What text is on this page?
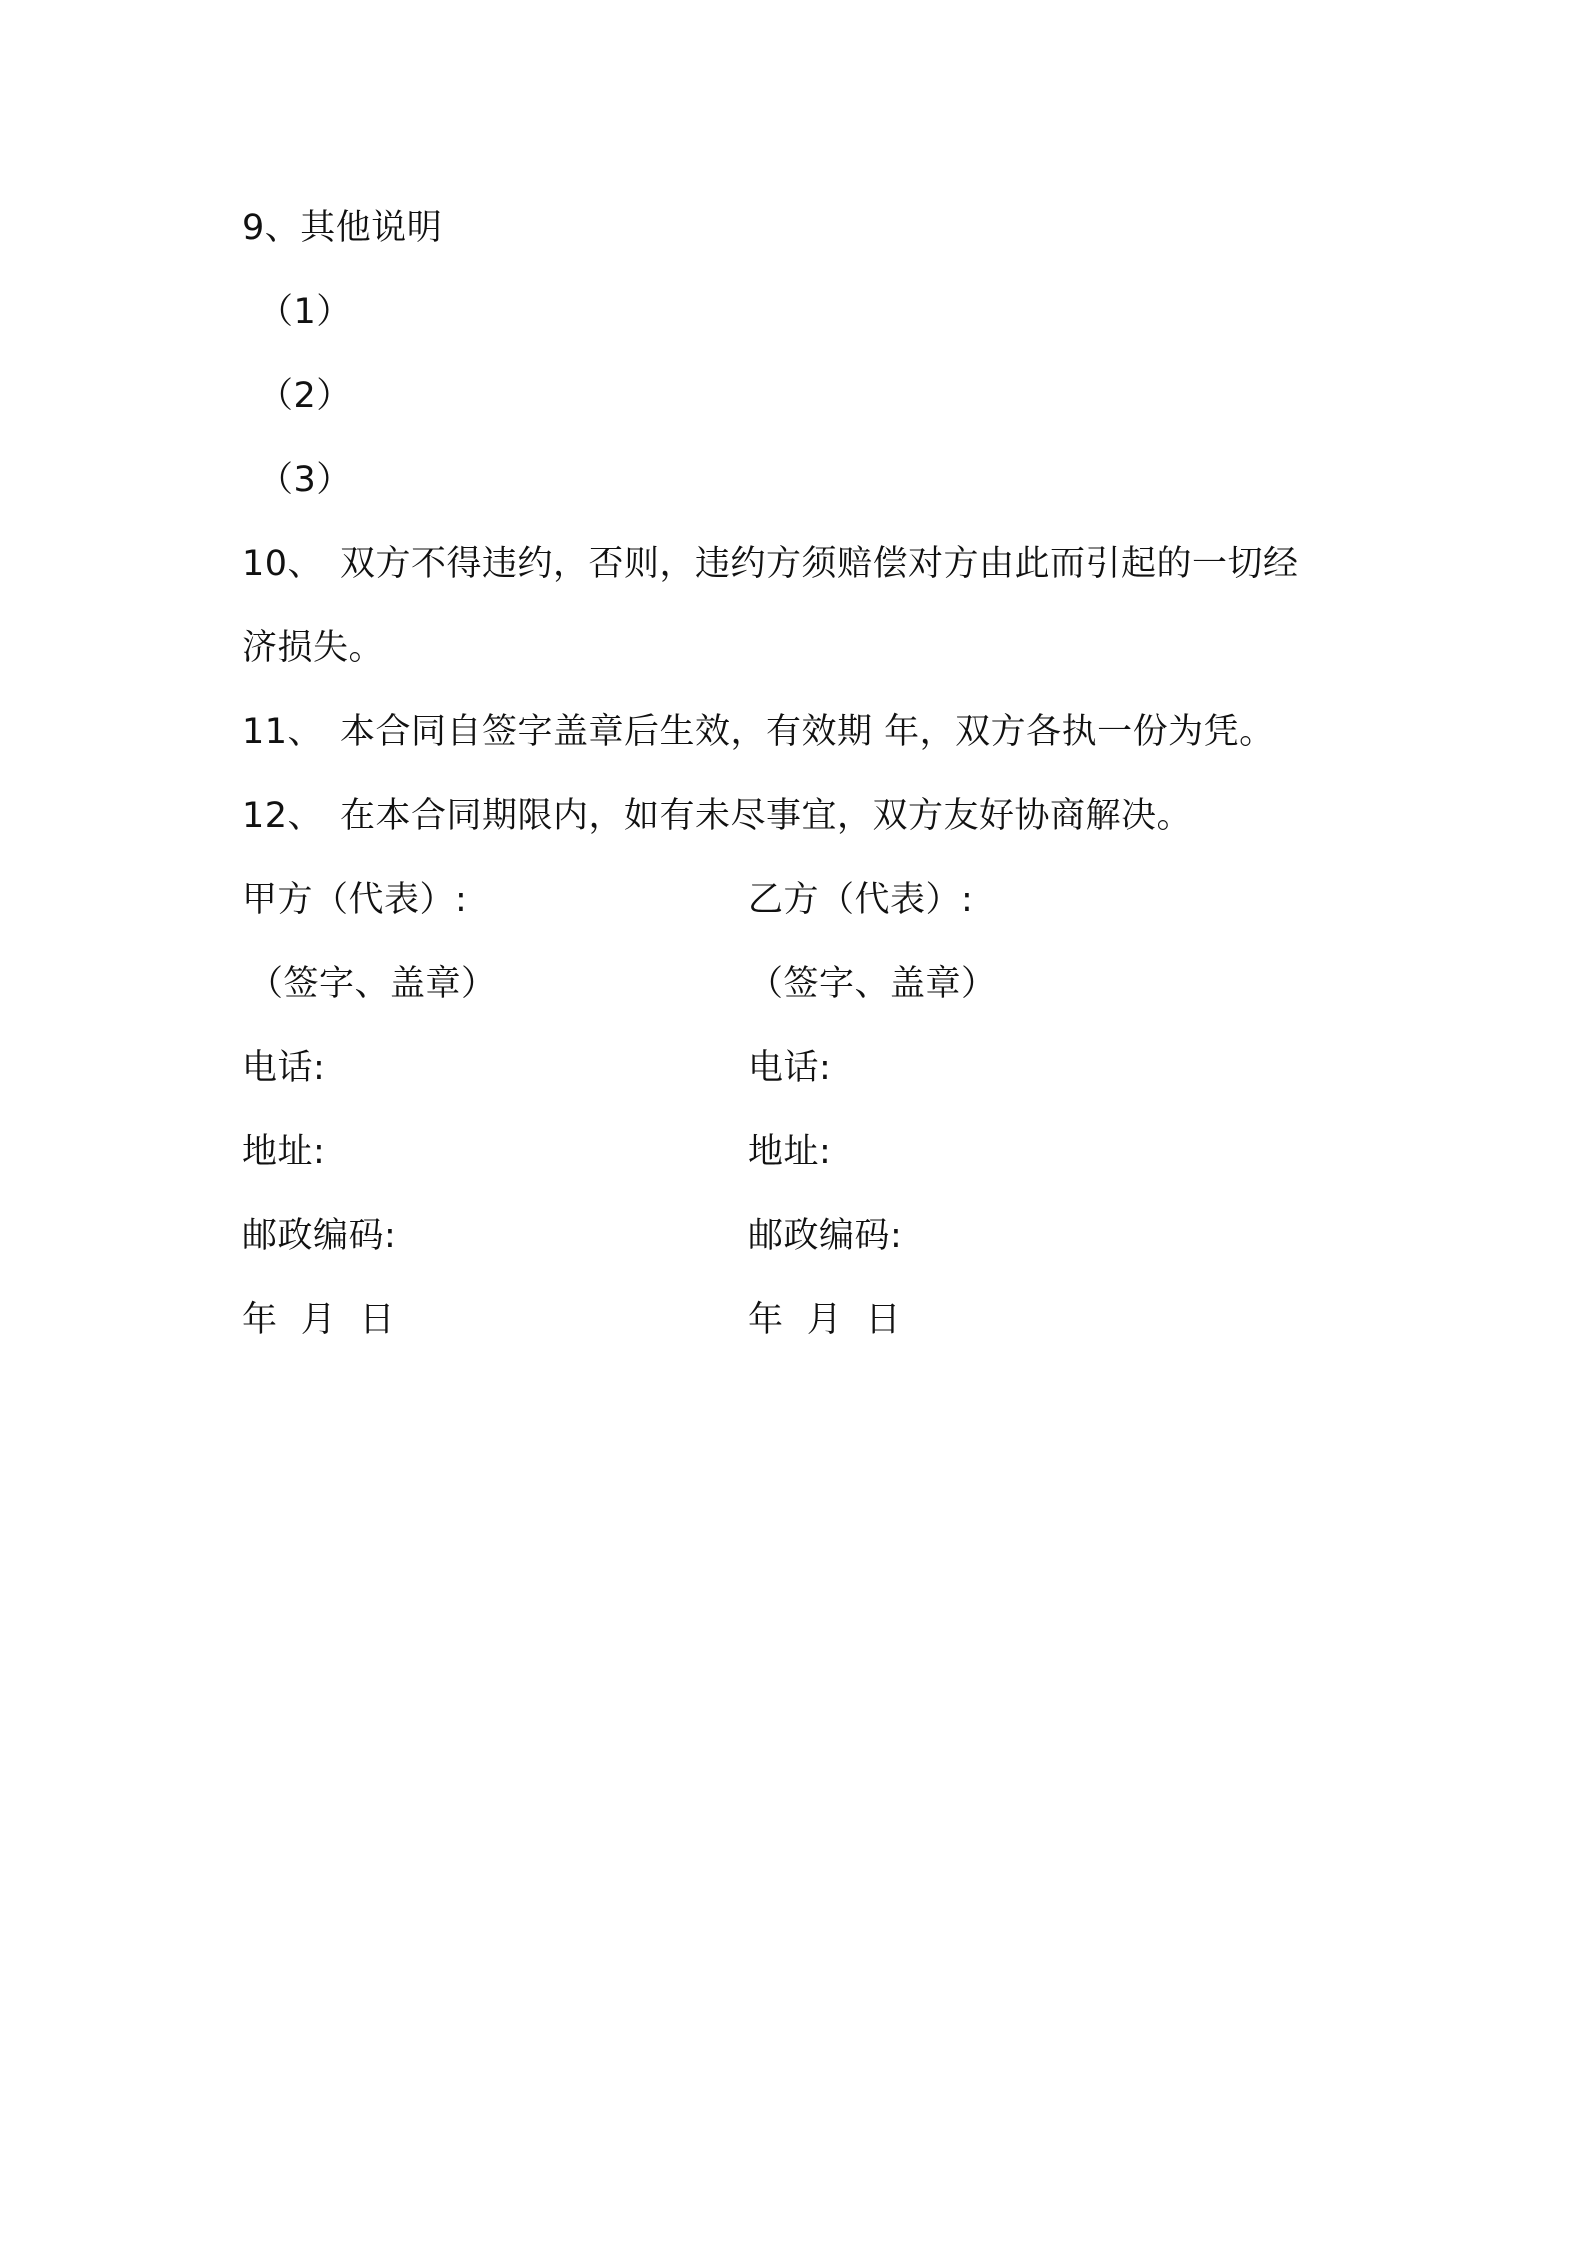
9、其他说明
（1）
（2）
（3）
10、 双方不得违约，否则，违约方须赔偿对方由此而引起的一切经
济损失。
11、 本合同自签字盖章后生效，有效期 年，双方各执一份为凭。
12、 在本合同期限内，如有未尽事宜，双方友好协商解决。
甲方（代表）:
（签字、盖章）
电话:
地址:
邮政编码:
年  月  日
乙方（代表）:
（签字、盖章）
电话:
地址:
邮政编码:
年  月  日
